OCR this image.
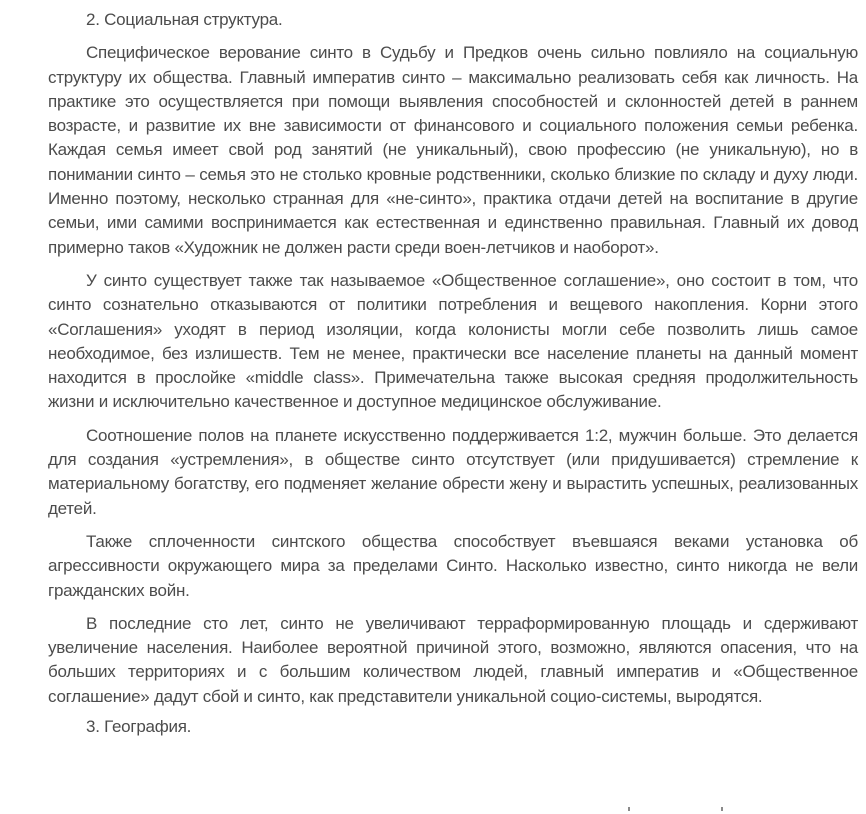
2. Социальная структура.

Специфическое верование синто в Судьбу и Предков очень сильно повлияло на социальную структуру их общества. Главный императив синто – максимально реализовать себя как личность. На практике это осуществляется при помощи выявления способностей и склонностей детей в раннем возрасте, и развитие их вне зависимости от финансового и социального положения семьи ребенка. Каждая семья имеет свой род занятий (не уникальный), свою профессию (не уникальную), но в понимании синто – семья это не столько кровные родственники, сколько близкие по складу и духу люди. Именно поэтому, несколько странная для «не-синто», практика отдачи детей на воспитание в другие семьи, ими самими воспринимается как естественная и единственно правильная. Главный их довод примерно таков «Художник не должен расти среди воен-летчиков и наоборот».

У синто существует также так называемое «Общественное соглашение», оно состоит в том, что синто сознательно отказываются от политики потребления и вещевого накопления. Корни этого «Соглашения» уходят в период изоляции, когда колонисты могли себе позволить лишь самое необходимое, без излишеств. Тем не менее, практически все население планеты на данный момент находится в прослойке «middle class». Примечательна также высокая средняя продолжительность жизни и исключительно качественное и доступное медицинское обслуживание.

Соотношение полов на планете искусственно поддерживается 1:2, мужчин больше. Это делается для создания «устремления», в обществе синто отсутствует (или придушивается) стремление к материальному богатству, его подменяет желание обрести жену и вырастить успешных, реализованных детей.

Также сплоченности синтского общества способствует въевшаяся веками установка об агрессивности окружающего мира за пределами Синто. Насколько известно, синто никогда не вели гражданских войн.

В последние сто лет, синто не увеличивают терраформированную площадь и сдерживают увеличение населения. Наиболее вероятной причиной этого, возможно, являются опасения, что на больших территориях и с большим количеством людей, главный императив и «Общественное соглашение» дадут сбой и синто, как представители уникальной социо-системы, выродятся.

3. География.
